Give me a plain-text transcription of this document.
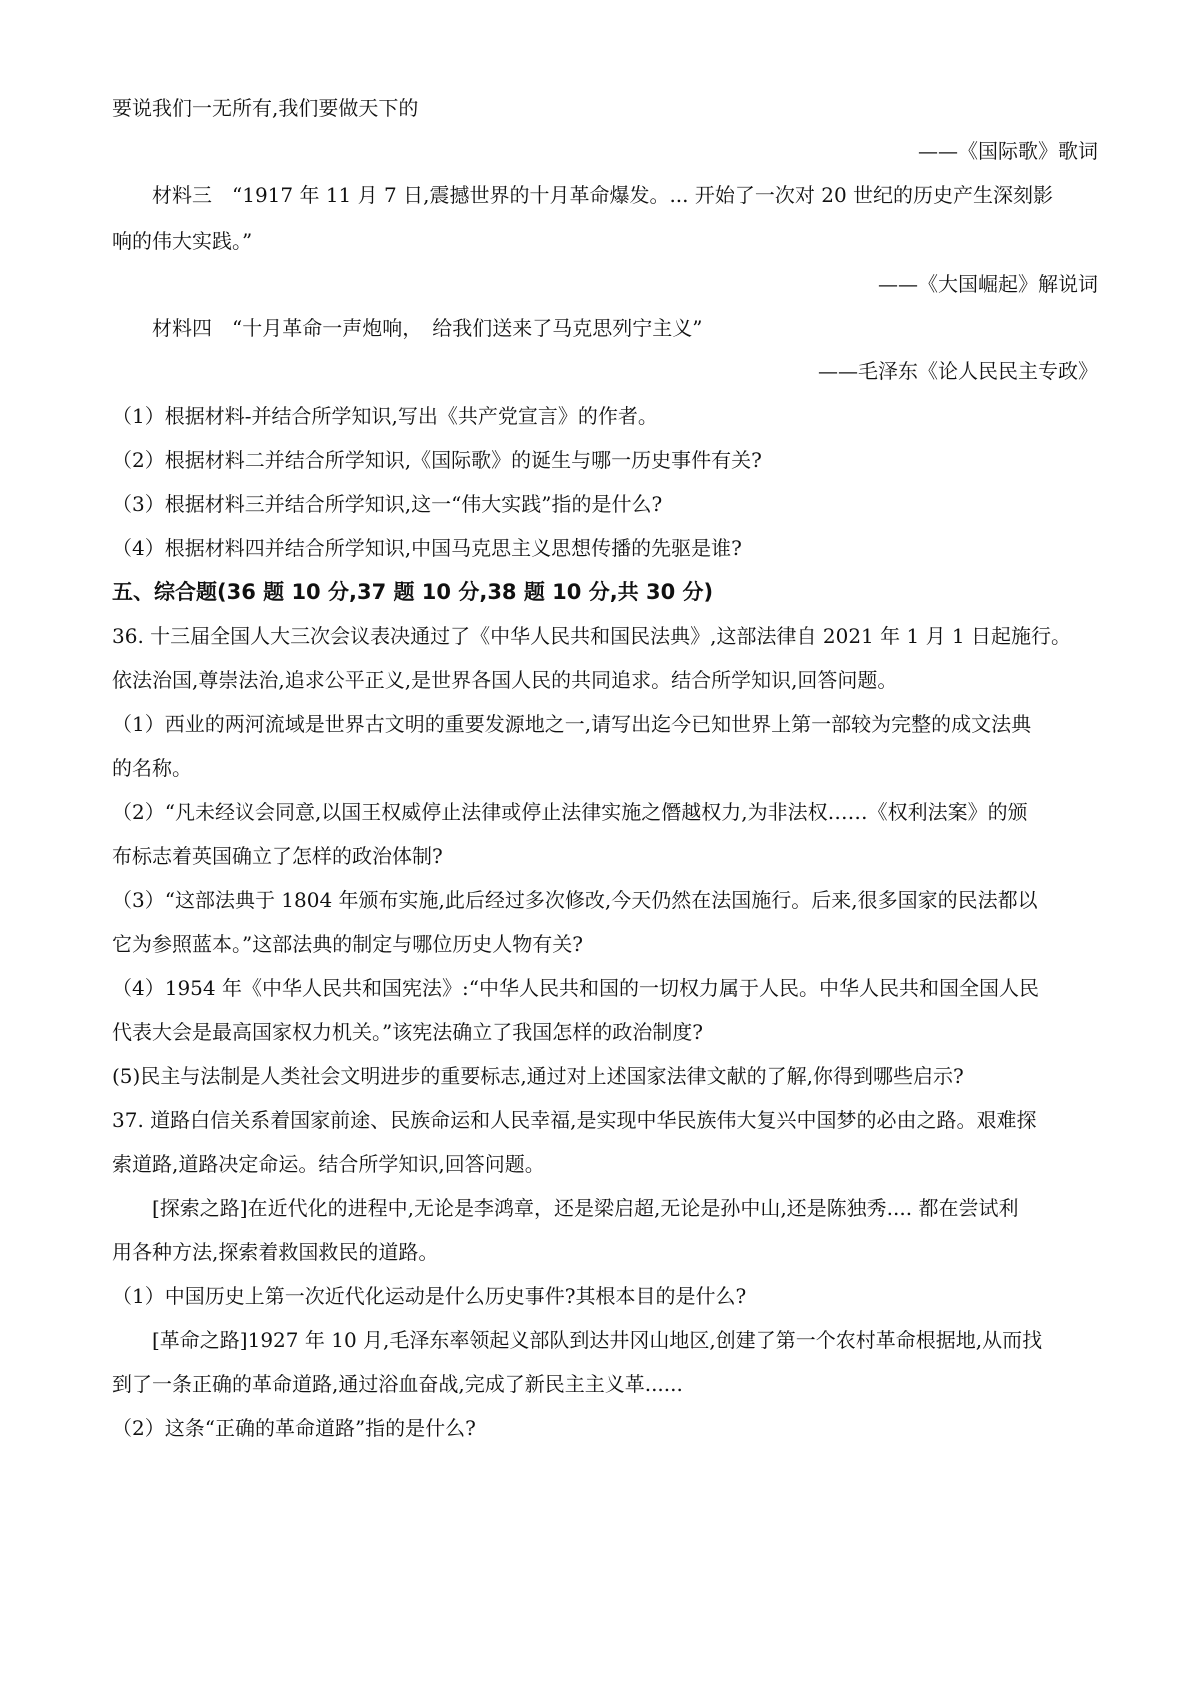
要说我们一无所有,我们要做天下的
——《国际歌》歌词
材料三　“1917 年 11 月 7 日,震撼世界的十月革命爆发。... 开始了一次对 20 世纪的历史产生深刻影
响的伟大实践。”
——《大国崛起》解说词
材料四　“十月革命一声炮响，　给我们送来了马克思列宁主义”
——毛泽东《论人民民主专政》
（1）根据材料-并结合所学知识,写出《共产党宣言》的作者。
（2）根据材料二并结合所学知识,《国际歌》的诞生与哪一历史事件有关?
（3）根据材料三并结合所学知识,这一“伟大实践”指的是什么?
（4）根据材料四并结合所学知识,中国马克思主义思想传播的先驱是谁?
五、综合题(36 题 10 分,37 题 10 分,38 题 10 分,共 30 分)
36. 十三届全国人大三次会议表决通过了《中华人民共和国民法典》,这部法律自 2021 年 1 月 1 日起施行。
依法治国,尊崇法治,追求公平正义,是世界各国人民的共同追求。结合所学知识,回答问题。
（1）西业的两河流域是世界古文明的重要发源地之一,请写出迄今已知世界上第一部较为完整的成文法典
的名称。
（2）“凡未经议会同意,以国王权威停止法律或停止法律实施之僭越权力,为非法权……《权利法案》的颁
布标志着英国确立了怎样的政治体制?
（3）“这部法典于 1804 年颁布实施,此后经过多次修改,今天仍然在法国施行。后来,很多国家的民法都以
它为参照蓝本。”这部法典的制定与哪位历史人物有关?
（4）1954 年《中华人民共和国宪法》:“中华人民共和国的一切权力属于人民。中华人民共和国全国人民
代表大会是最高国家权力机关。”该宪法确立了我国怎样的政治制度?
(5)民主与法制是人类社会文明进步的重要标志,通过对上述国家法律文献的了解,你得到哪些启示?
37. 道路白信关系着国家前途、民族命运和人民幸福,是实现中华民族伟大复兴中国梦的必由之路。艰难探
索道路,道路决定命运。结合所学知识,回答问题。
[探索之路]在近代化的进程中,无论是李鸿章，还是梁启超,无论是孙中山,还是陈独秀.... 都在尝试利
用各种方法,探索着救国救民的道路。
（1）中国历史上第一次近代化运动是什么历史事件?其根本目的是什么?
[革命之路]1927 年 10 月,毛泽东率领起义部队到达井冈山地区,创建了第一个农村革命根据地,从而找
到了一条正确的革命道路,通过浴血奋战,完成了新民主主义革......
（2）这条“正确的革命道路”指的是什么?
